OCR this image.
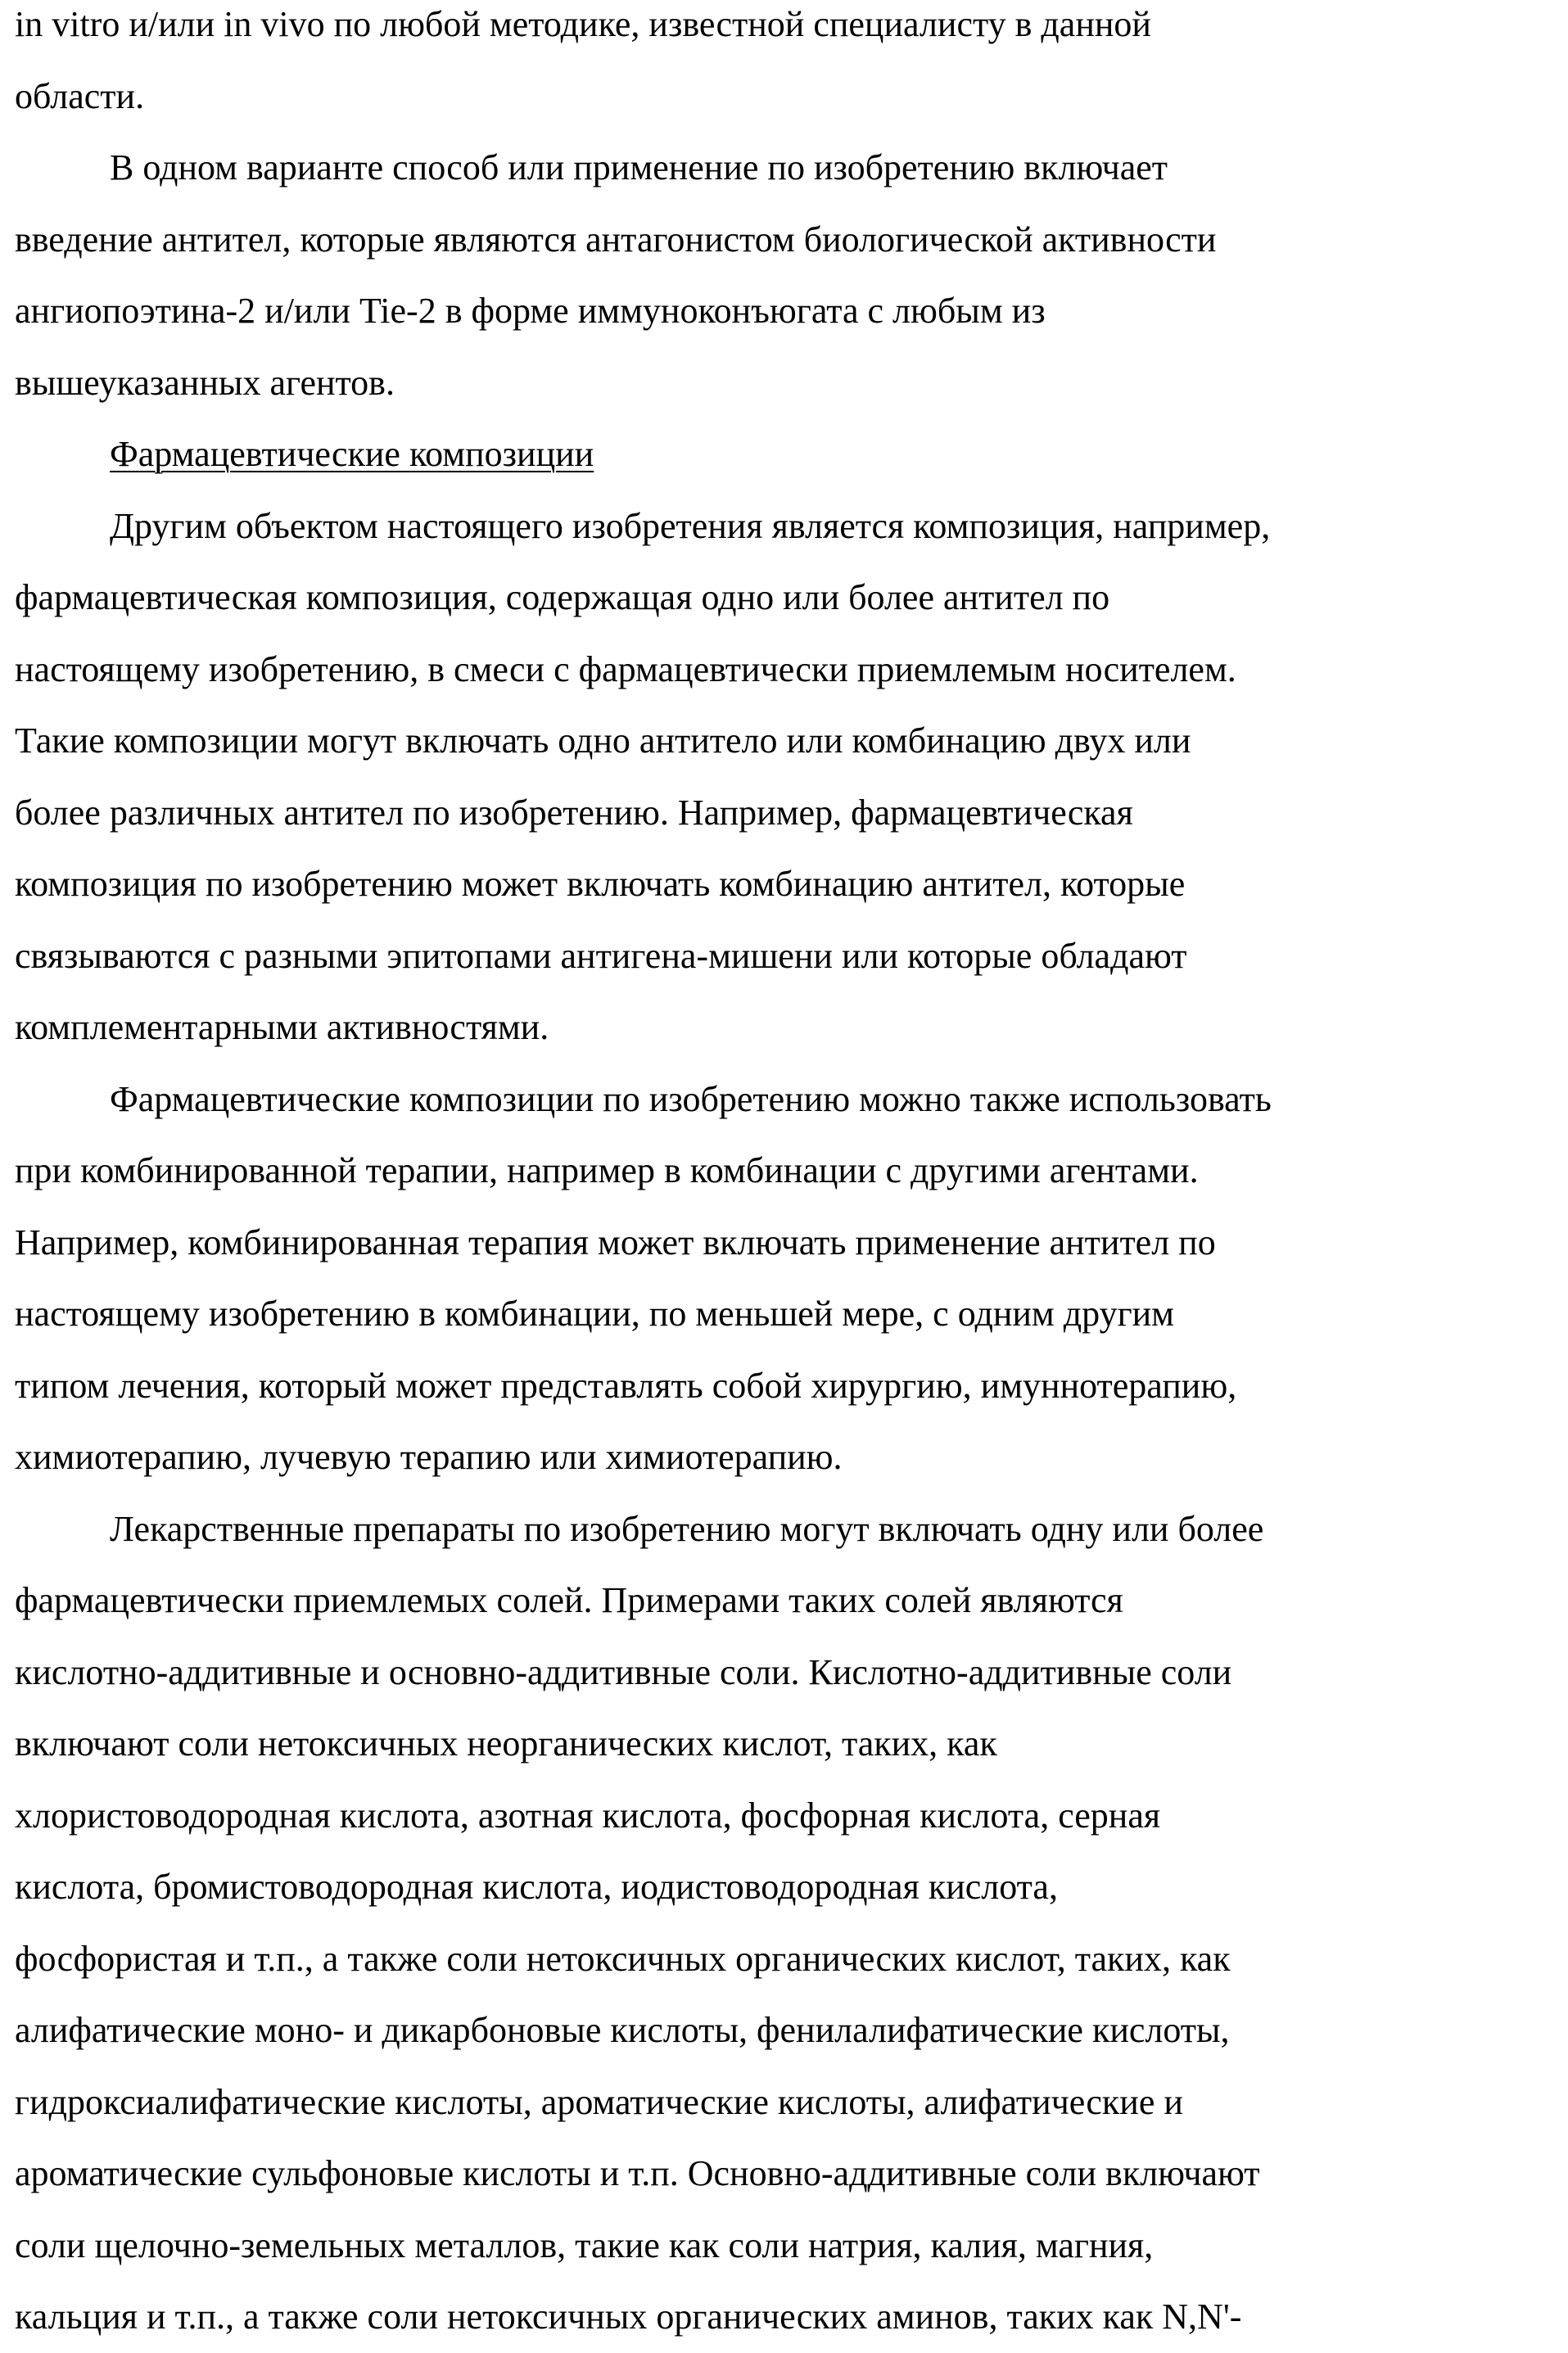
in vitro и/или in vivo по любой методике, известной специалисту в данной
области.
В одном варианте способ или применение по изобретению включает
введение антител, которые являются антагонистом биологической активности
ангиопоэтина-2 и/или Tie-2 в форме иммуноконъюгата с любым из
вышеуказанных агентов.
Фармацевтические композиции
Другим объектом настоящего изобретения является композиция, например,
фармацевтическая композиция, содержащая одно или более антител по
настоящему изобретению, в смеси с фармацевтически приемлемым носителем.
Такие композиции могут включать одно антитело или комбинацию двух или
более различных антител по изобретению. Например, фармацевтическая
композиция по изобретению может включать комбинацию антител, которые
связываются с разными эпитопами антигена-мишени или которые обладают
комплементарными активностями.
Фармацевтические композиции по изобретению можно также использовать
при комбинированной терапии, например в комбинации с другими агентами.
Например, комбинированная терапия может включать применение антител по
настоящему изобретению в комбинации, по меньшей мере, с одним другим
типом лечения, который может представлять собой хирургию, имуннотерапию,
химиотерапию, лучевую терапию или химиотерапию.
Лекарственные препараты по изобретению могут включать одну или более
фармацевтически приемлемых солей. Примерами таких солей являются
кислотно-аддитивные и основно-аддитивные соли. Кислотно-аддитивные соли
включают соли нетоксичных неорганических кислот, таких, как
хлористоводородная кислота, азотная кислота, фосфорная кислота, серная
кислота, бромистоводородная кислота, иодистоводородная кислота,
фосфористая и т.п., а также соли нетоксичных органических кислот, таких, как
алифатические моно- и дикарбоновые кислоты, фенилалифатические кислоты,
гидроксиалифатические кислоты, ароматические кислоты, алифатические и
ароматические сульфоновые кислоты и т.п. Основно-аддитивные соли включают
соли щелочно-земельных металлов, такие как соли натрия, калия, магния,
кальция и т.п., а также соли нетоксичных органических аминов, таких как N,N'-
